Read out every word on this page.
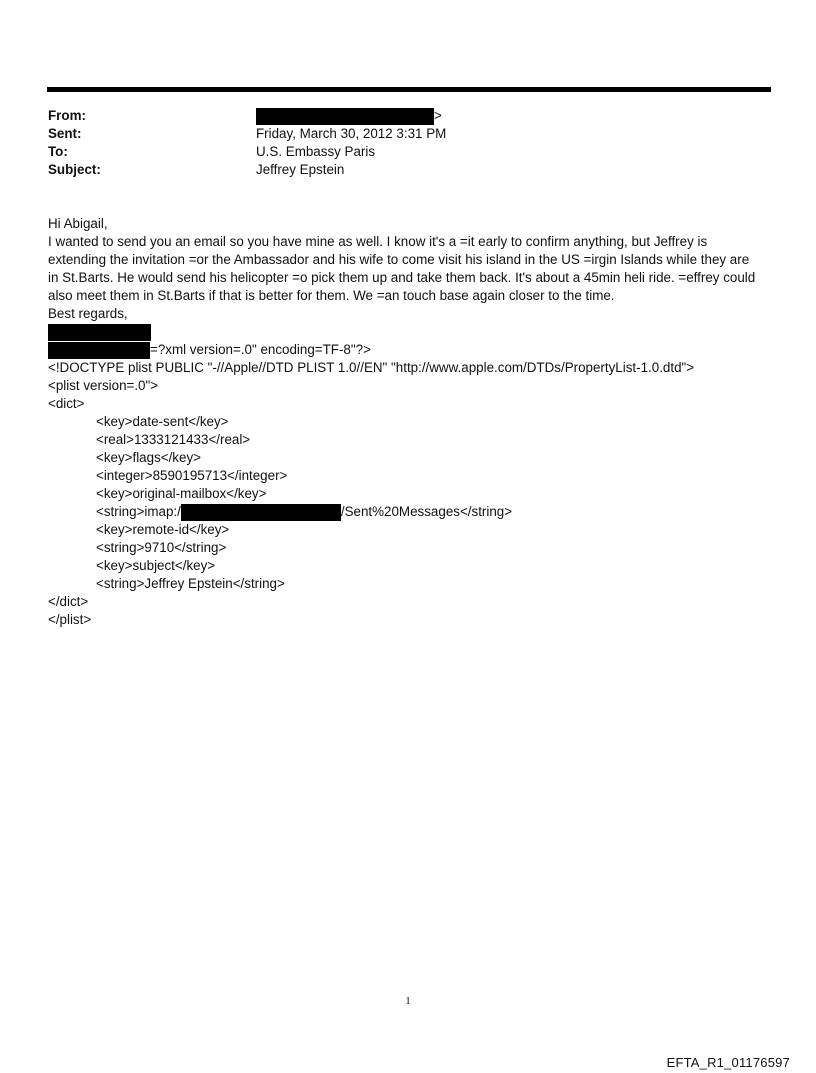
From:	>
Sent:	Friday, March 30, 2012 3:31 PM
To:	U.S. Embassy Paris
Subject:	Jeffrey Epstein
Hi Abigail,
I wanted to send you an email so you have mine as well. I know it's a =it early to confirm anything, but Jeffrey is
extending the invitation =or the Ambassador and his wife to come visit his island in the US =irgin Islands while they are
in St.Barts. He would send his helicopter =o pick them up and take them back. It's about a 45min heli ride. =effrey could
also meet them in St.Barts if that is better for them. We =an touch base again closer to the time.
Best regards,
=?xml version=.0" encoding=TF-8"?>
<!DOCTYPE plist PUBLIC "-//Apple//DTD PLIST 1.0//EN" "http://www.apple.com/DTDs/PropertyList-1.0.dtd">
<plist version=.0">
<dict>
<key>date-sent</key>
<real>1333121433</real>
<key>flags</key>
<integer>8590195713</integer>
<key>original-mailbox</key>
<string>imap:/	/Sent%20Messages</string>
<key>remote-id</key>
<string>9710</string>
<key>subject</key>
<string>Jeffrey Epstein</string>
</dict>
</plist>
1
EFTA_R1_01176597
